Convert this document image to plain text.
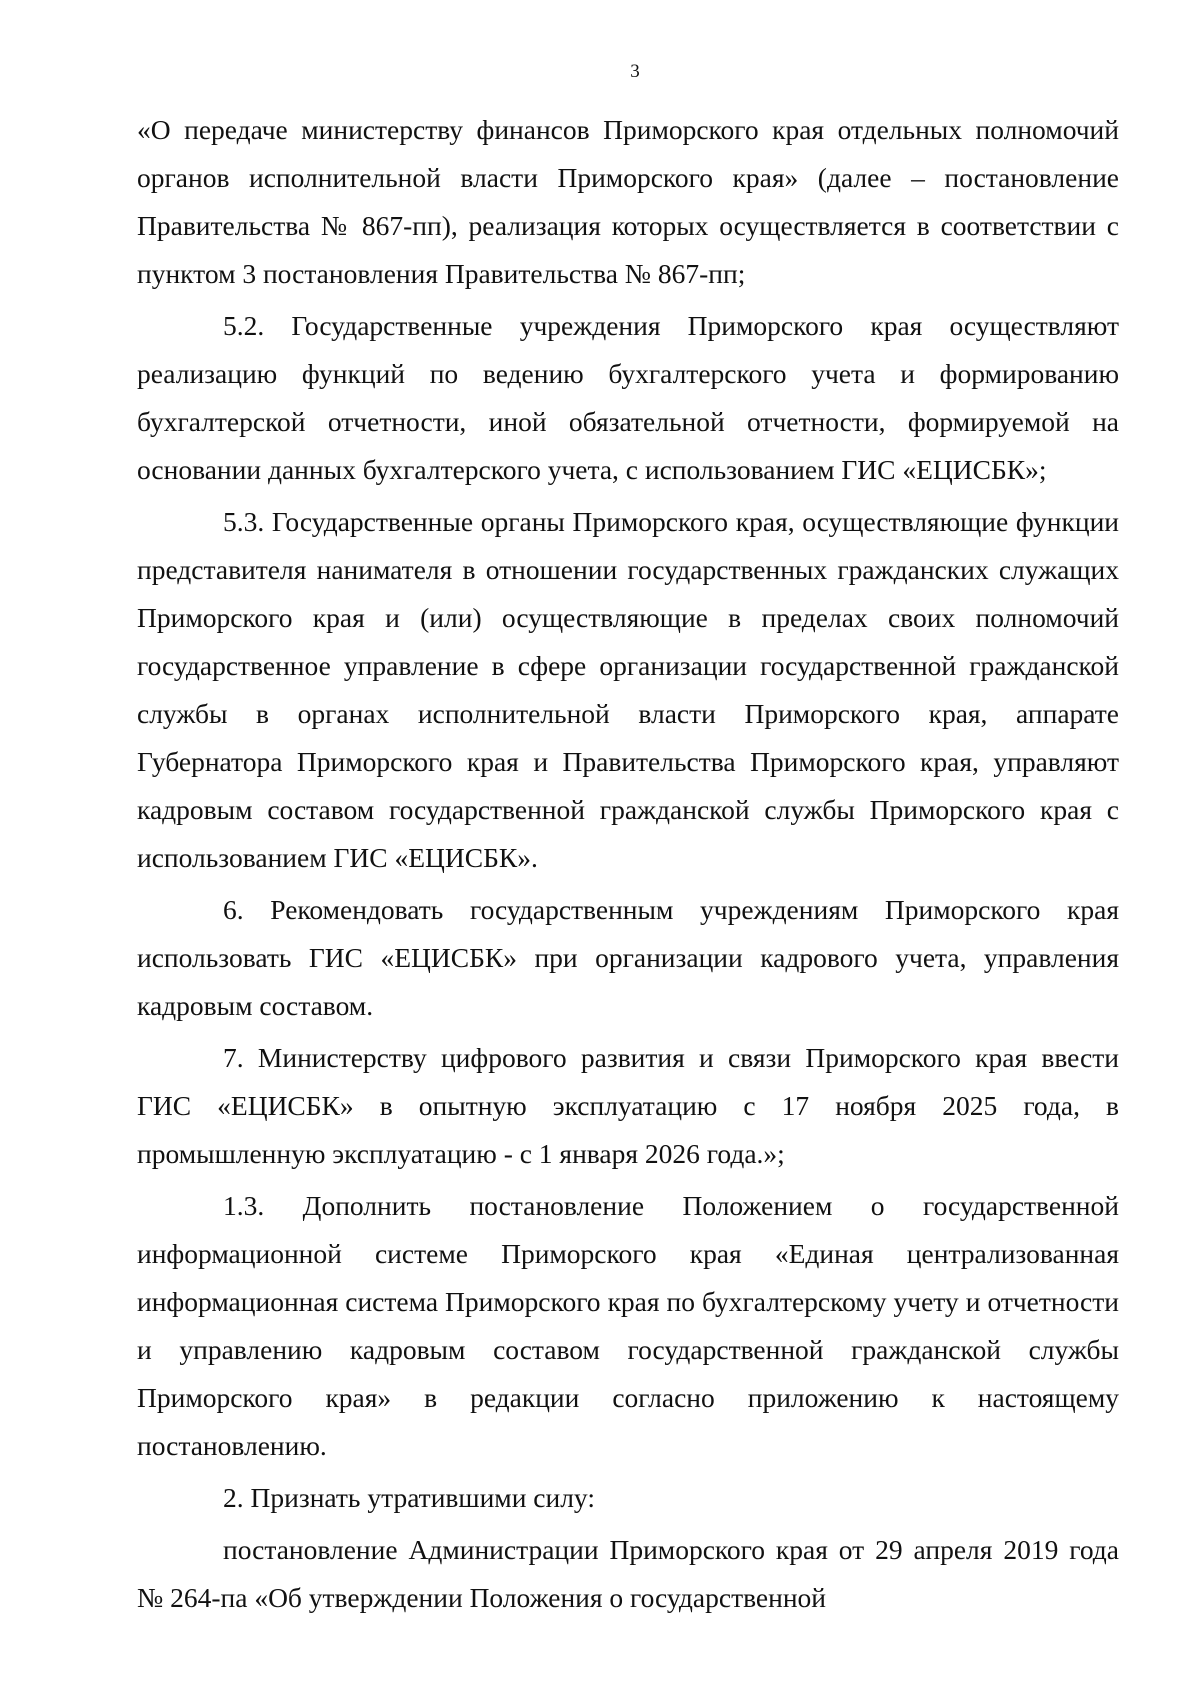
3

«О передаче министерству финансов Приморского края отдельных полномочий органов исполнительной власти Приморского края» (далее – постановление Правительства № 867-пп), реализация которых осуществляется в соответствии с пунктом 3 постановления Правительства № 867-пп;

5.2. Государственные учреждения Приморского края осуществляют реализацию функций по ведению бухгалтерского учета и формированию бухгалтерской отчетности, иной обязательной отчетности, формируемой на основании данных бухгалтерского учета, с использованием ГИС «ЕЦИСБК»;

5.3. Государственные органы Приморского края, осуществляющие функции представителя нанимателя в отношении государственных гражданских служащих Приморского края и (или) осуществляющие в пределах своих полномочий государственное управление в сфере организации государственной гражданской службы в органах исполнительной власти Приморского края, аппарате Губернатора Приморского края и Правительства Приморского края, управляют кадровым составом государственной гражданской службы Приморского края с использованием ГИС «ЕЦИСБК».

6. Рекомендовать государственным учреждениям Приморского края использовать ГИС «ЕЦИСБК» при организации кадрового учета, управления кадровым составом.

7. Министерству цифрового развития и связи Приморского края ввести ГИС «ЕЦИСБК» в опытную эксплуатацию с 17 ноября 2025 года, в промышленную эксплуатацию - с 1 января 2026 года.»;

1.3. Дополнить постановление Положением о государственной информационной системе Приморского края «Единая централизованная информационная система Приморского края по бухгалтерскому учету и отчетности и управлению кадровым составом государственной гражданской службы Приморского края» в редакции согласно приложению к настоящему постановлению.

2. Признать утратившими силу:

постановление Администрации Приморского края от 29 апреля 2019 года № 264-па «Об утверждении Положения о государственной
